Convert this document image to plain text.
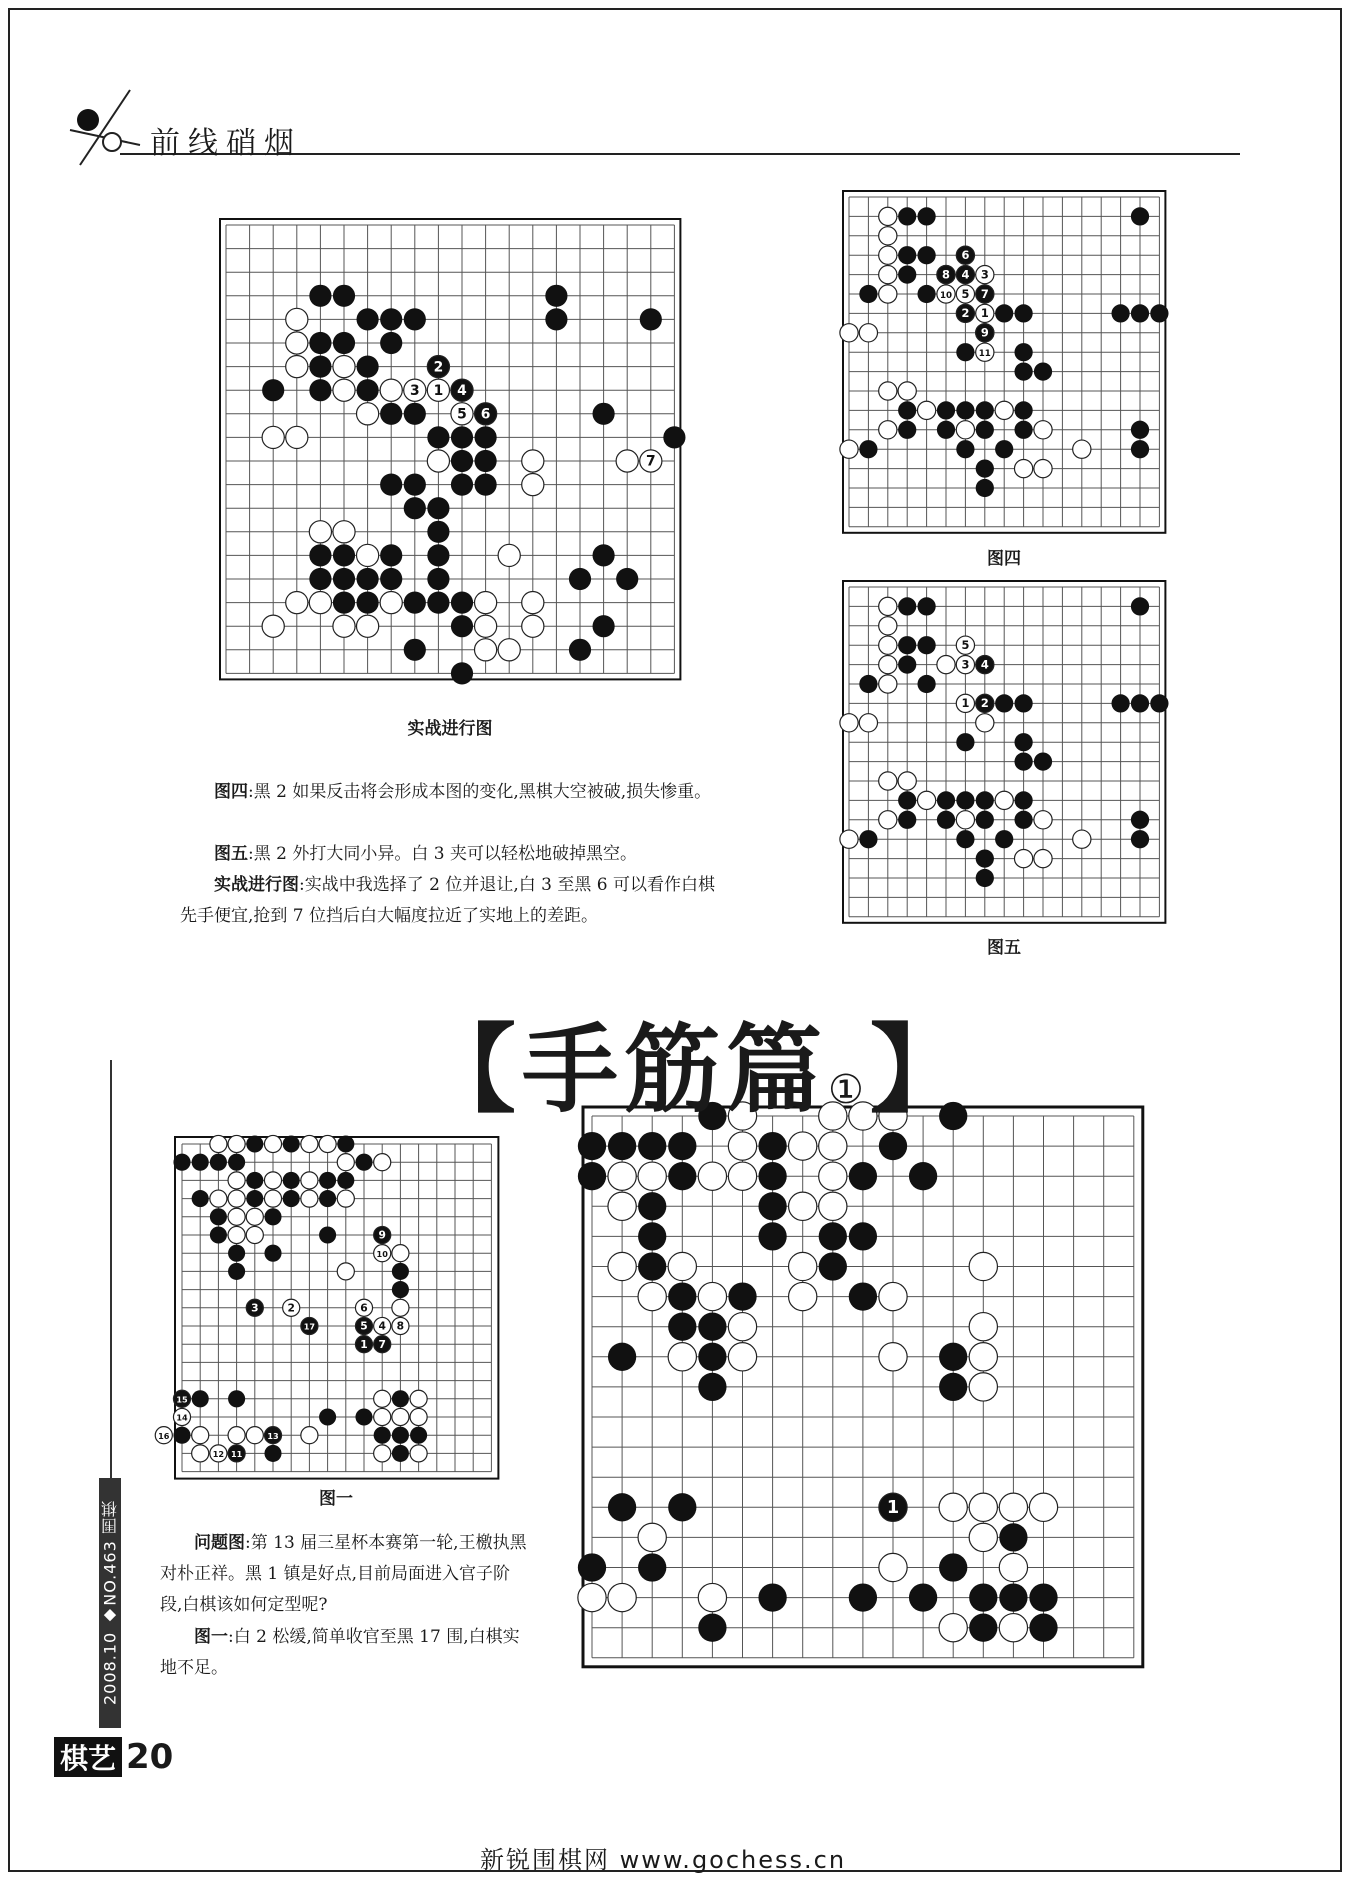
前线硝烟
2
3 1 4
5 6
7
实战进行图
6
8 4 3
10 5 7
2 1
9
11
图四
5
3 4
1 2
图五
9
10
3	2
17
6
5 4 8
1 7
15
14
16	13
11
12
图一	1

图四:黑 2 如果反击将会形成本图的变化,黑棋大空被破,损失惨重。

图五:黑 2 外打大同小异。白 3 夹可以轻松地破掉黑空。

实战进行图:实战中我选择了 2 位并退让,白 3 至黑 6 可以看作白棋先手便宜,抢到 7 位挡后白大幅度拉近了实地上的差距。

【手筋篇①】

问题图:第 13 届三星杯本赛第一轮,王檄执黑对朴正祥。黑 1 镇是好点,目前局面进入官子阶段,白棋该如何定型呢?

图一:白 2 松缓,简单收官至黑 17 围,白棋实地不足。

2008.10 ◆NO.463 围棋
棋艺 20
新锐围棋网 www.gochess.cn
